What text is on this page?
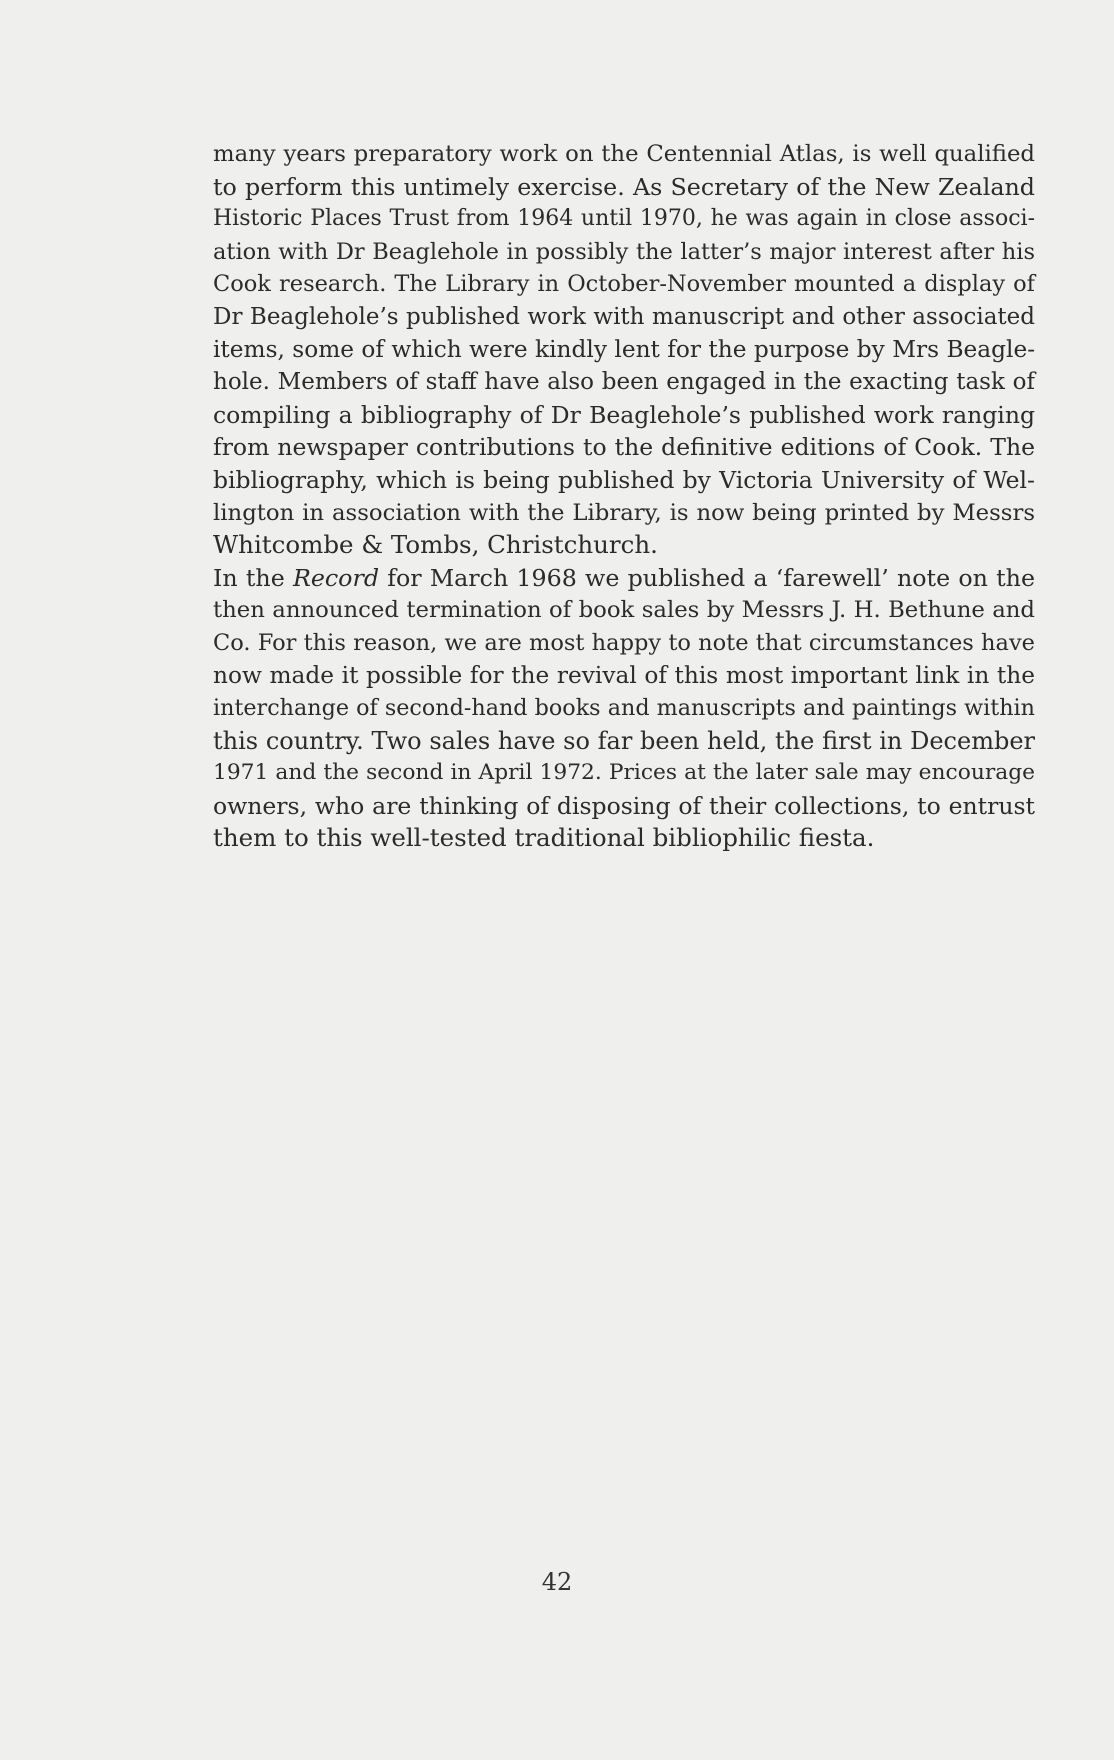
many years preparatory work on the Centennial Atlas, is well qualified
to perform this untimely exercise. As Secretary of the New Zealand
Historic Places Trust from 1964 until 1970, he was again in close associ-
ation with Dr Beaglehole in possibly the latter’s major interest after his
Cook research. The Library in October-November mounted a display of
Dr Beaglehole’s published work with manuscript and other associated
items, some of which were kindly lent for the purpose by Mrs Beagle-
hole. Members of staff have also been engaged in the exacting task of
compiling a bibliography of Dr Beaglehole’s published work ranging
from newspaper contributions to the definitive editions of Cook. The
bibliography, which is being published by Victoria University of Wel-
lington in association with the Library, is now being printed by Messrs
Whitcombe & Tombs, Christchurch.
In the Record for March 1968 we published a ‘farewell’ note on the
then announced termination of book sales by Messrs J. H. Bethune and
Co. For this reason, we are most happy to note that circumstances have
now made it possible for the revival of this most important link in the
interchange of second-hand books and manuscripts and paintings within
this country. Two sales have so far been held, the first in December
1971 and the second in April 1972. Prices at the later sale may encourage
owners, who are thinking of disposing of their collections, to entrust
them to this well-tested traditional bibliophilic fiesta.
42
